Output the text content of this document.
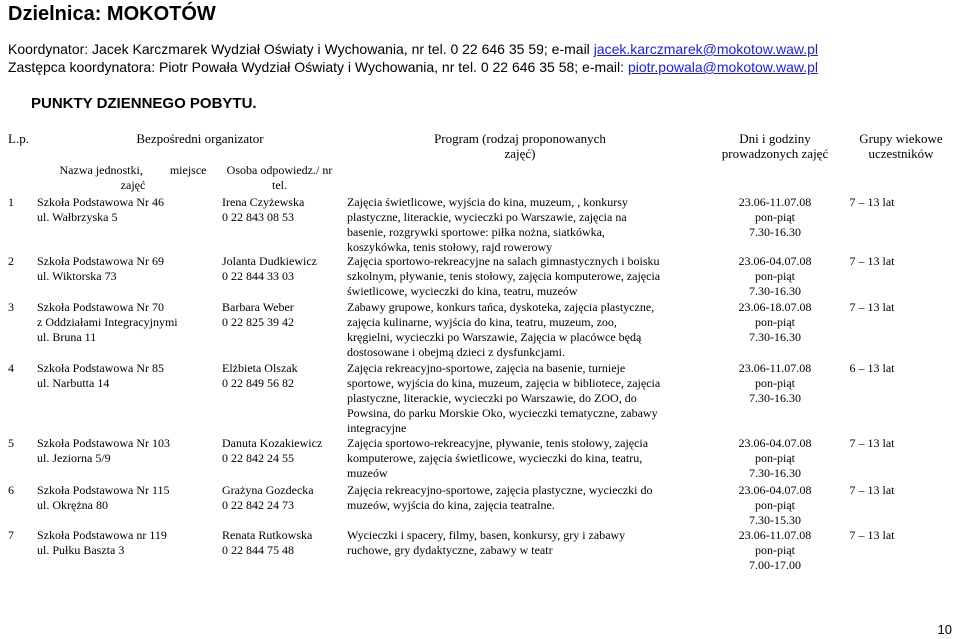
Dzielnica: MOKOTÓW
Koordynator: Jacek Karczmarek Wydział Oświaty i Wychowania, nr tel. 0 22 646 35 59; e-mail jacek.karczmarek@mokotow.waw.pl
Zastępca koordynatora: Piotr Powała Wydział Oświaty i Wychowania, nr tel. 0 22 646 35 58; e-mail: piotr.powala@mokotow.waw.pl
PUNKTY DZIENNEGO POBYTU.
L.p.	Bezpośredni organizator
Nazwa jednostki,         miejsce zajęć
Osoba odpowiedz./ nr tel.
Program (rodzaj proponowanych zajęć)
Dni i godziny prowadzonych zajęć
Grupy wiekowe uczestników
1 Szkoła Podstawowa Nr 46
ul. Wałbrzyska 5
Irena Czyżewska
0 22 843 08 53
Zajęcia świetlicowe, wyjścia do kina, muzeum, , konkursy
plastyczne, literackie, wycieczki po Warszawie, zajęcia na
basenie, rozgrywki sportowe: piłka nożna, siatkówka,
koszykówka, tenis stołowy, rajd rowerowy
23.06-11.07.08
pon-piąt
7.30-16.30
7 – 13 lat
2 Szkoła Podstawowa Nr 69
ul. Wiktorska 73
Jolanta Dudkiewicz
0 22 844 33 03
Zajęcia sportowo-rekreacyjne na salach gimnastycznych i boisku
szkolnym, pływanie, tenis stołowy, zajęcia komputerowe, zajęcia
świetlicowe, wycieczki do kina, teatru, muzeów
23.06-04.07.08
pon-piąt
7.30-16.30
7 – 13 lat
3 Szkoła Podstawowa Nr 70
z Oddziałami Integracyjnymi
ul. Bruna 11
Barbara Weber
0 22 825 39 42
Zabawy grupowe, konkurs tańca, dyskoteka, zajęcia plastyczne,
zajęcia kulinarne, wyjścia do kina, teatru, muzeum, zoo,
kręgielni, wycieczki po Warszawie, Zajęcia w placówce będą
dostosowane i obejmą dzieci z dysfunkcjami.
23.06-18.07.08
pon-piąt
7.30-16.30
7 – 13 lat
4 Szkoła Podstawowa Nr 85
ul. Narbutta 14
Elżbieta Olszak
0 22 849 56 82
Zajęcia rekreacyjno-sportowe, zajęcia na basenie, turnieje
sportowe, wyjścia do kina, muzeum, zajęcia w bibliotece, zajęcia
plastyczne, literackie, wycieczki po Warszawie, do ZOO, do
Powsina, do parku Morskie Oko, wycieczki tematyczne, zabawy
integracyjne
23.06-11.07.08
pon-piąt
7.30-16.30
6 – 13 lat
5 Szkoła Podstawowa Nr 103
ul. Jeziorna 5/9
Danuta Kozakiewicz
0 22 842 24 55
Zajęcia sportowo-rekreacyjne, pływanie, tenis stołowy, zajęcia
komputerowe, zajęcia świetlicowe, wycieczki do kina, teatru,
muzeów
23.06-04.07.08
pon-piąt
7.30-16.30
7 – 13 lat
6 Szkoła Podstawowa Nr 115
ul. Okrężna 80
Grażyna Gozdecka
0 22 842 24 73
Zajęcia rekreacyjno-sportowe, zajęcia plastyczne, wycieczki do
muzeów, wyjścia do kina, zajęcia teatralne.
23.06-04.07.08
pon-piąt
7.30-15.30
7 – 13 lat
7 Szkoła Podstawowa nr 119
ul. Pułku Baszta 3
Renata Rutkowska
0 22 844 75 48
Wycieczki i spacery, filmy, basen, konkursy, gry i zabawy
ruchowe, gry dydaktyczne, zabawy w teatr
23.06-11.07.08
pon-piąt
7.00-17.00
7 – 13 lat
10
